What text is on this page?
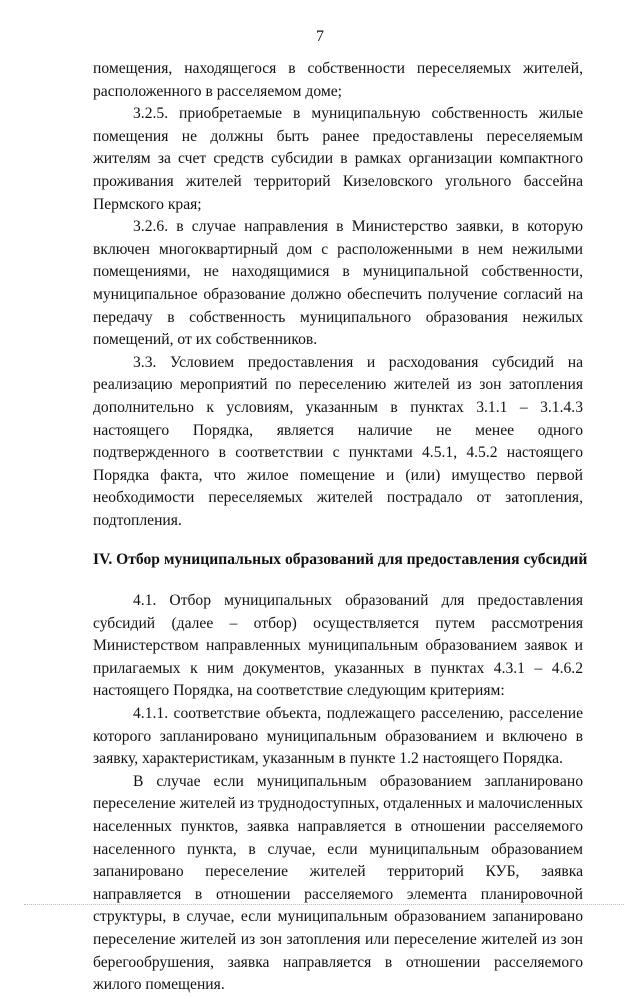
7

помещения, находящегося в собственности переселяемых жителей, расположенного в расселяемом доме;

3.2.5. приобретаемые в муниципальную собственность жилые помещения не должны быть ранее предоставлены переселяемым жителям за счет средств субсидии в рамках организации компактного проживания жителей территорий Кизеловского угольного бассейна Пермского края;

3.2.6. в случае направления в Министерство заявки, в которую включен многоквартирный дом с расположенными в нем нежилыми помещениями, не находящимися в муниципальной собственности, муниципальное образование должно обеспечить получение согласий на передачу в собственность муниципального образования нежилых помещений, от их собственников.

3.3. Условием предоставления и расходования субсидий на реализацию мероприятий по переселению жителей из зон затопления дополнительно к условиям, указанным в пунктах 3.1.1 – 3.1.4.3 настоящего Порядка, является наличие не менее одного подтвержденного в соответствии с пунктами 4.5.1, 4.5.2 настоящего Порядка факта, что жилое помещение и (или) имущество первой необходимости переселяемых жителей пострадало от затопления, подтопления.

IV. Отбор муниципальных образований для предоставления субсидий

4.1. Отбор муниципальных образований для предоставления субсидий (далее – отбор) осуществляется путем рассмотрения Министерством направленных муниципальным образованием заявок и прилагаемых к ним документов, указанных в пунктах 4.3.1 – 4.6.2 настоящего Порядка, на соответствие следующим критериям:

4.1.1. соответствие объекта, подлежащего расселению, расселение которого запланировано муниципальным образованием и включено в заявку, характеристикам, указанным в пункте 1.2 настоящего Порядка.

В случае если муниципальным образованием запланировано переселение жителей из труднодоступных, отдаленных и малочисленных населенных пунктов, заявка направляется в отношении расселяемого населенного пункта, в случае, если муниципальным образованием запанировано переселение жителей территорий КУБ, заявка направляется в отношении расселяемого элемента планировочной структуры, в случае, если муниципальным образованием запанировано переселение жителей из зон затопления или переселение жителей из зон берегообрушения, заявка направляется в отношении расселяемого жилого помещения.
